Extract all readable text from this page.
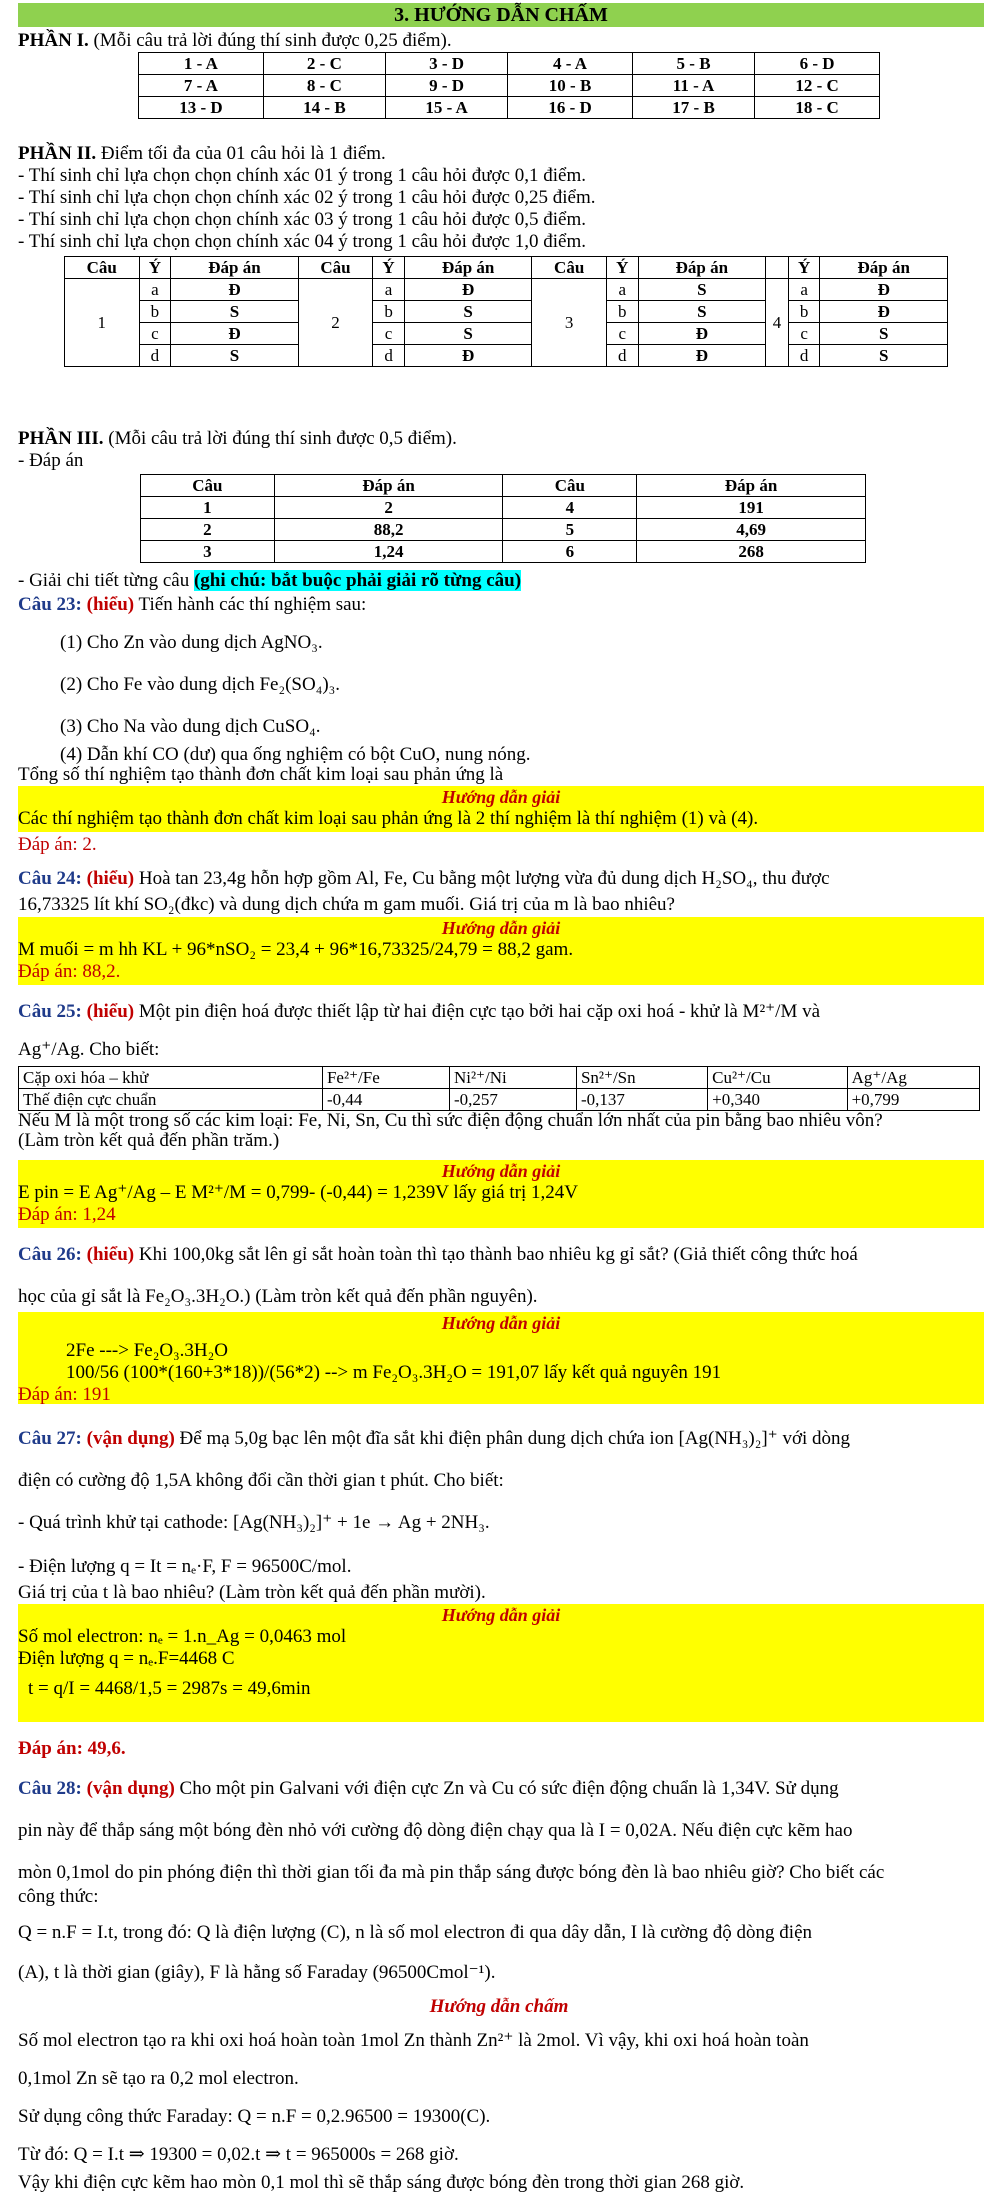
3. HƯỚNG DẪN CHẤM
PHẦN I. (Mỗi câu trả lời đúng thí sinh được 0,25 điểm).
1 - A	2 - C	3 - D	4 - A	5 - B	6 - D
7 - A	8 - C	9 - D	10 - B	11 - A	12 - C
13 - D	14 - B	15 - A	16 - D	17 - B	18 - C
PHẦN II. Điểm tối đa của 01 câu hỏi là 1 điểm.
- Thí sinh chỉ lựa chọn chọn chính xác 01 ý trong 1 câu hỏi được 0,1 điểm.
- Thí sinh chỉ lựa chọn chọn chính xác 02 ý trong 1 câu hỏi được 0,25 điểm.
- Thí sinh chỉ lựa chọn chọn chính xác 03 ý trong 1 câu hỏi được 0,5 điểm.
- Thí sinh chỉ lựa chọn chọn chính xác 04 ý trong 1 câu hỏi được 1,0 điểm.
Câu	Ý	Đáp án	Câu	Ý	Đáp án	Câu	Ý	Đáp án		Ý	Đáp án
1	a	Đ	2	a	Đ	3	a	S	4	a	Đ
	b	S		b	S		b	S		b	Đ
	c	Đ		c	S		c	Đ		c	S
	d	S		d	Đ		d	Đ		d	S
PHẦN III. (Mỗi câu trả lời đúng thí sinh được 0,5 điểm).
- Đáp án
Câu	Đáp án	Câu	Đáp án
1	2	4	191
2	88,2	5	4,69
3	1,24	6	268
- Giải chi tiết từng câu (ghi chú: bắt buộc phải giải rõ từng câu)
Câu 23: (hiểu) Tiến hành các thí nghiệm sau:
(1) Cho Zn vào dung dịch AgNO₃.
(2) Cho Fe vào dung dịch Fe₂(SO₄)₃.
(3) Cho Na vào dung dịch CuSO₄.
(4) Dẫn khí CO (dư) qua ống nghiệm có bột CuO, nung nóng.
Tổng số thí nghiệm tạo thành đơn chất kim loại sau phản ứng là
Hướng dẫn giải
Các thí nghiệm tạo thành đơn chất kim loại sau phản ứng là 2 thí nghiệm là thí nghiệm (1) và (4).
Đáp án: 2.
Câu 24: (hiểu) Hoà tan 23,4g hỗn hợp gồm Al, Fe, Cu bằng một lượng vừa đủ dung dịch H₂SO₄, thu được
16,73325 lít khí SO₂(đkc) và dung dịch chứa m gam muối. Giá trị của m là bao nhiêu?
Hướng dẫn giải
M muối = m hh KL + 96*nSO₂ = 23,4 + 96*16,73325/24,79 = 88,2 gam.
Đáp án: 88,2.
Câu 25: (hiểu) Một pin điện hoá được thiết lập từ hai điện cực tạo bởi hai cặp oxi hoá - khử là M²⁺/M và
Ag⁺/Ag. Cho biết:
Cặp oxi hóa – khử	Fe²⁺/Fe	Ni²⁺/Ni	Sn²⁺/Sn	Cu²⁺/Cu	Ag⁺/Ag
Thế điện cực chuẩn	-0,44	-0,257	-0,137	+0,340	+0,799
Nếu M là một trong số các kim loại: Fe, Ni, Sn, Cu thì sức điện động chuẩn lớn nhất của pin bằng bao nhiêu vôn?
(Làm tròn kết quả đến phần trăm.)
Hướng dẫn giải
E pin = E Ag⁺/Ag – E M²⁺/M = 0,799- (-0,44) = 1,239V lấy giá trị 1,24V
Đáp án: 1,24
Câu 26: (hiểu) Khi 100,0kg sắt lên gỉ sắt hoàn toàn thì tạo thành bao nhiêu kg gỉ sắt? (Giả thiết công thức hoá
học của gỉ sắt là Fe₂O₃.3H₂O.) (Làm tròn kết quả đến phần nguyên).
Hướng dẫn giải
2Fe ---> Fe₂O₃.3H₂O
100/56 (100*(160+3*18))/(56*2) --> m Fe₂O₃.3H₂O = 191,07 lấy kết quả nguyên 191
Đáp án: 191
Câu 27: (vận dụng) Để mạ 5,0g bạc lên một đĩa sắt khi điện phân dung dịch chứa ion [Ag(NH₃)₂]⁺ với dòng
điện có cường độ 1,5A không đổi cần thời gian t phút. Cho biết:
- Quá trình khử tại cathode: [Ag(NH₃)₂]⁺ + 1e → Ag + 2NH₃.
- Điện lượng q = It = nₑ·F, F = 96500C/mol.
Giá trị của t là bao nhiêu? (Làm tròn kết quả đến phần mười).
Hướng dẫn giải
Số mol electron: nₑ = 1.n_Ag = 0,0463 mol
Điện lượng q = nₑ.F=4468 C
t = q/I = 4468/1,5 = 2987s = 49,6min
Đáp án: 49,6.
Câu 28: (vận dụng) Cho một pin Galvani với điện cực Zn và Cu có sức điện động chuẩn là 1,34V. Sử dụng
pin này để thắp sáng một bóng đèn nhỏ với cường độ dòng điện chạy qua là I = 0,02A. Nếu điện cực kẽm hao
mòn 0,1mol do pin phóng điện thì thời gian tối đa mà pin thắp sáng được bóng đèn là bao nhiêu giờ? Cho biết các
công thức:
Q = n.F = I.t, trong đó: Q là điện lượng (C), n là số mol electron đi qua dây dẫn, I là cường độ dòng điện
(A), t là thời gian (giây), F là hằng số Faraday (96500Cmol⁻¹).
Hướng dẫn chấm
Số mol electron tạo ra khi oxi hoá hoàn toàn 1mol Zn thành Zn²⁺ là 2mol. Vì vậy, khi oxi hoá hoàn toàn
0,1mol Zn sẽ tạo ra 0,2 mol electron.
Sử dụng công thức Faraday: Q = n.F = 0,2.96500 = 19300(C).
Từ đó: Q = I.t ⇒ 19300 = 0,02.t ⇒ t = 965000s = 268 giờ.
Vậy khi điện cực kẽm hao mòn 0,1 mol thì sẽ thắp sáng được bóng đèn trong thời gian 268 giờ.
